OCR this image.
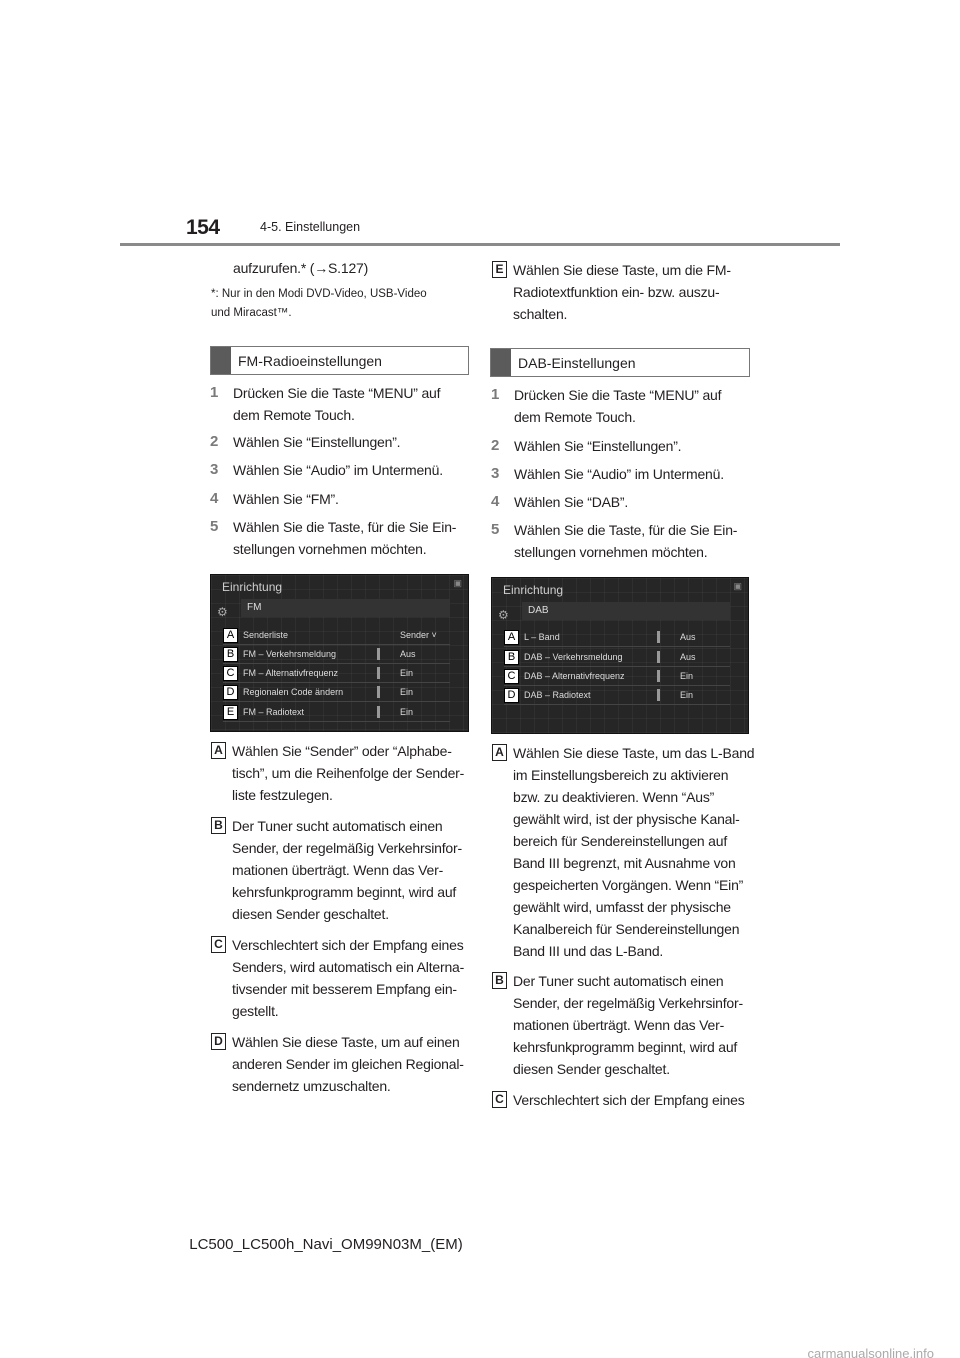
154	4-5. Einstellungen
aufzurufen.* (→S.127)
*: Nur in den Modi DVD-Video, USB-Video
und Miracast™.
FM-Radioeinstellungen
1	Drücken Sie die Taste “MENU” auf
dem Remote Touch.
2	Wählen Sie “Einstellungen”.
3	Wählen Sie “Audio” im Untermenü.
4	Wählen Sie “FM”.
5	Wählen Sie die Taste, für die Sie Ein-
stellungen vornehmen möchten.
Einrichtung	▣
⚙	FM
A Senderliste	Sender ˅
B FM – Verkehrsmeldung	Aus
C FM – Alternativfrequenz	Ein
D Regionalen Code ändern	Ein
E FM – Radiotext	Ein
A Wählen Sie “Sender” oder “Alphabe-
tisch”, um die Reihenfolge der Sender-
liste festzulegen.
B Der Tuner sucht automatisch einen
Sender, der regelmäßig Verkehrsinfor-
mationen überträgt. Wenn das Ver-
kehrsfunkprogramm beginnt, wird auf
diesen Sender geschaltet.
C Verschlechtert sich der Empfang eines
Senders, wird automatisch ein Alterna-
tivsender mit besserem Empfang ein-
gestellt.
D Wählen Sie diese Taste, um auf einen
anderen Sender im gleichen Regional-
sendernetz umzuschalten.
E Wählen Sie diese Taste, um die FM-
Radiotextfunktion ein- bzw. auszu-
schalten.
DAB-Einstellungen
1	Drücken Sie die Taste “MENU” auf
dem Remote Touch.
2	Wählen Sie “Einstellungen”.
3	Wählen Sie “Audio” im Untermenü.
4	Wählen Sie “DAB”.
5	Wählen Sie die Taste, für die Sie Ein-
stellungen vornehmen möchten.
Einrichtung	▣
⚙	DAB
A L – Band	Aus
B DAB – Verkehrsmeldung	Aus
C DAB – Alternativfrequenz	Ein
D DAB – Radiotext	Ein
A Wählen Sie diese Taste, um das L-Band
im Einstellungsbereich zu aktivieren
bzw. zu deaktivieren. Wenn “Aus”
gewählt wird, ist der physische Kanal-
bereich für Sendereinstellungen auf
Band III begrenzt, mit Ausnahme von
gespeicherten Vorgängen. Wenn “Ein”
gewählt wird, umfasst der physische
Kanalbereich für Sendereinstellungen
Band III und das L-Band.
B Der Tuner sucht automatisch einen
Sender, der regelmäßig Verkehrsinfor-
mationen überträgt. Wenn das Ver-
kehrsfunkprogramm beginnt, wird auf
diesen Sender geschaltet.
C Verschlechtert sich der Empfang eines
LC500_LC500h_Navi_OM99N03M_(EM)
carmanualsonline.info
